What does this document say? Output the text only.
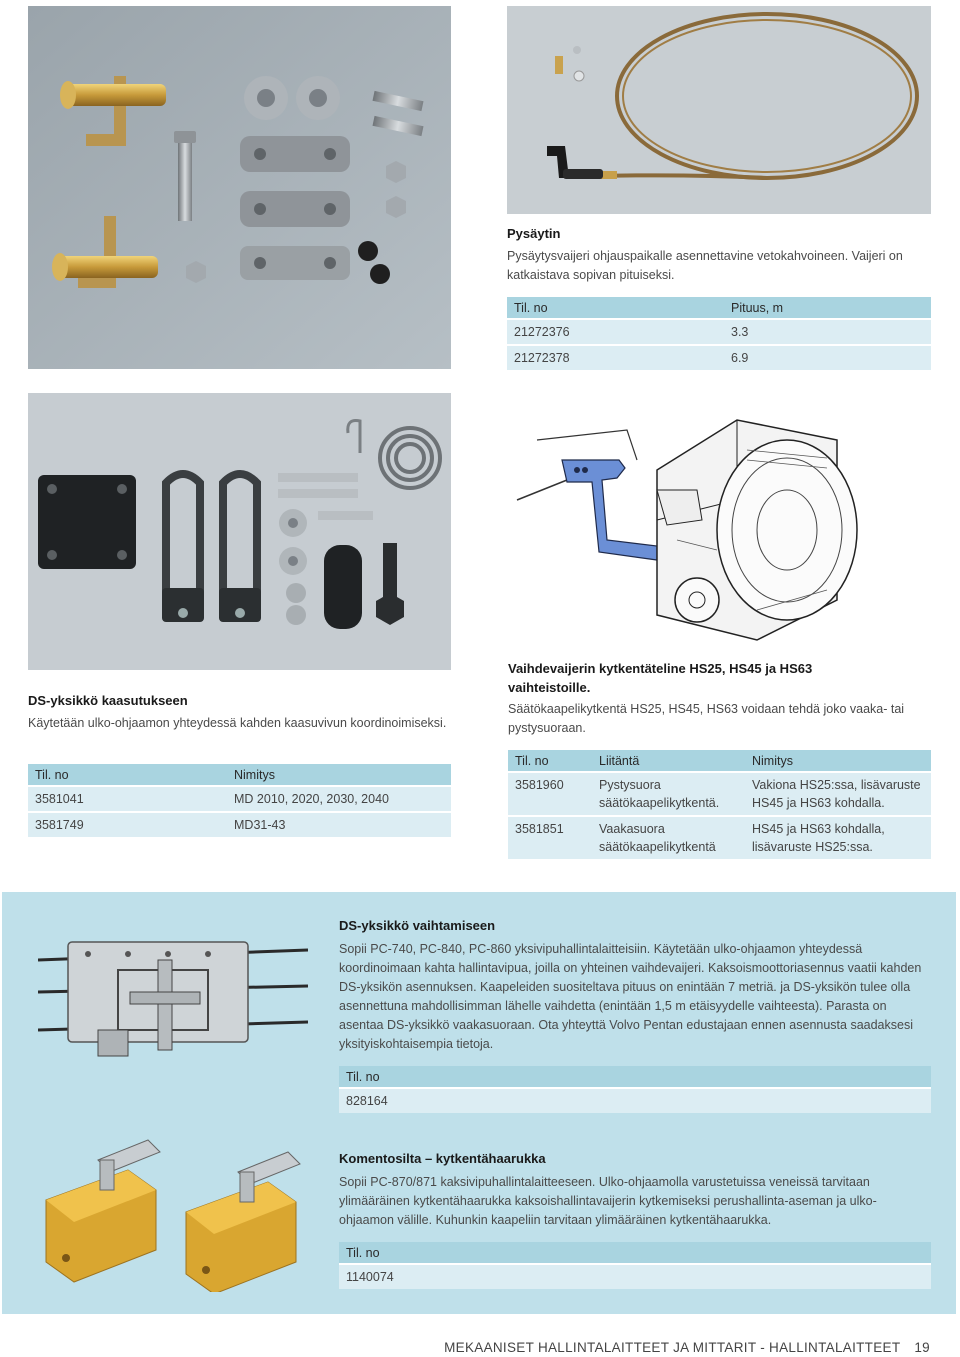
Pysäytin
Pysäytysvaijeri ohjauspaikalle asennettavine vetokahvoineen. Vaijeri on katkaistava sopivan pituiseksi.
Til. no	Pituus, m
21272376	3.3
21272378	6.9
DS-yksikkö kaasutukseen
Käytetään ulko-ohjaamon yhteydessä kahden kaasuvivun koordinoimiseksi.
Til. no	Nimitys
3581041	MD 2010, 2020, 2030, 2040
3581749	MD31-43
Vaihdevaijerin kytkentäteline HS25, HS45 ja HS63 vaihteistoille.
Säätökaapelikytkentä HS25, HS45, HS63 voidaan tehdä joko vaaka- tai pystysuoraan.
Til. no	Liitäntä	Nimitys
3581960	Pystysuora säätökaapelikytkentä.	Vakiona HS25:ssa, lisävaruste HS45 ja HS63 kohdalla.
3581851	Vaakasuora säätökaapelikytkentä	HS45 ja HS63 kohdalla, lisävaruste HS25:ssa.
DS-yksikkö vaihtamiseen
Sopii PC-740, PC-840, PC-860 yksivipuhallintalaitteisiin. Käytetään ulko-ohjaamon yhteydessä koordinoimaan kahta hallintavipua, joilla on yhteinen vaihdevaijeri. Kaksoismoottoriasennus vaatii kahden DS-yksikön asennuksen. Kaapeleiden suositeltava pituus on enintään 7 metriä. ja DS-yksikön tulee olla asennettuna mahdollisimman lähelle vaihdetta (enintään 1,5 m etäisyydelle vaihteesta). Parasta on asentaa DS-yksikkö vaakasuoraan. Ota yhteyttä Volvo Pentan edustajaan ennen asennusta saadaksesi yksityiskohtaisempia tietoja.
Til. no
828164
Komentosilta – kytkentähaarukka
Sopii PC-870/871 kaksivipuhallintalaitteeseen. Ulko-ohjaamolla varustetuissa veneissä tarvitaan ylimääräinen kytkentähaarukka kaksoishallintavaijerin kytkemiseksi perushallinta-aseman ja ulko-ohjaamon välille. Kuhunkin kaapeliin tarvitaan ylimääräinen kytkentähaarukka.
Til. no
1140074
MEKAANISET HALLINTALAITTEET JA MITTARIT - HALLINTALAITTEET 19
